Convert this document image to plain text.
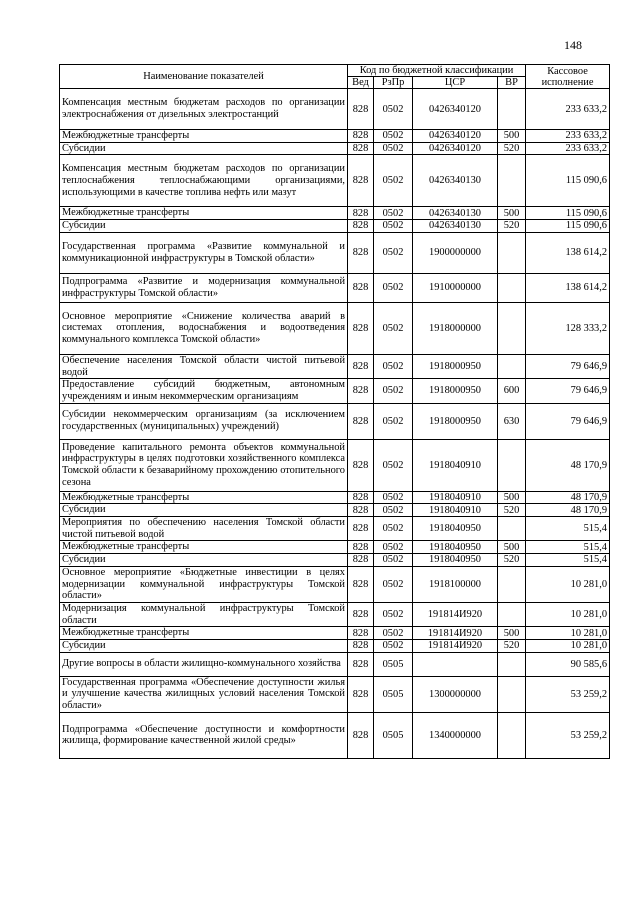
148
Наименование показателей	Код по бюджетной классификации				Кассовое исполнение
	Вед	РзПр	ЦСР	ВР	
Компенсация местным бюджетам расходов по организации электроснабжения от дизельных электростанций	828	0502	0426340120		233 633,2
Межбюджетные трансферты	828	0502	0426340120	500	233 633,2
Субсидии	828	0502	0426340120	520	233 633,2
Компенсация местным бюджетам расходов по организации теплоснабжения теплоснабжающими организациями, использующими в качестве топлива нефть или мазут	828	0502	0426340130		115 090,6
Межбюджетные трансферты	828	0502	0426340130	500	115 090,6
Субсидии	828	0502	0426340130	520	115 090,6
Государственная программа «Развитие коммунальной и коммуникационной инфраструктуры в Томской области»	828	0502	1900000000		138 614,2
Подпрограмма «Развитие и модернизация коммунальной инфраструктуры Томской области»	828	0502	1910000000		138 614,2
Основное мероприятие «Снижение количества аварий в системах отопления, водоснабжения и водоотведения коммунального комплекса Томской области»	828	0502	1918000000		128 333,2
Обеспечение населения Томской области чистой питьевой водой	828	0502	1918000950		79 646,9
Предоставление субсидий бюджетным, автономным учреждениям и иным некоммерческим организациям	828	0502	1918000950	600	79 646,9
Субсидии некоммерческим организациям (за исключением государственных (муниципальных) учреждений)	828	0502	1918000950	630	79 646,9
Проведение капитального ремонта объектов коммунальной инфраструктуры в целях подготовки хозяйственного комплекса Томской области к безаварийному прохождению отопительного сезона	828	0502	1918040910		48 170,9
Межбюджетные трансферты	828	0502	1918040910	500	48 170,9
Субсидии	828	0502	1918040910	520	48 170,9
Мероприятия по обеспечению населения Томской области чистой питьевой водой	828	0502	1918040950		515,4
Межбюджетные трансферты	828	0502	1918040950	500	515,4
Субсидии	828	0502	1918040950	520	515,4
Основное мероприятие «Бюджетные инвестиции в целях модернизации коммунальной инфраструктуры Томской области»	828	0502	1918100000		10 281,0
Модернизация коммунальной инфраструктуры Томской области	828	0502	191814И920		10 281,0
Межбюджетные трансферты	828	0502	191814И920	500	10 281,0
Субсидии	828	0502	191814И920	520	10 281,0
Другие вопросы в области жилищно-коммунального хозяйства	828	0505			90 585,6
Государственная программа «Обеспечение доступности жилья и улучшение качества жилищных условий населения Томской области»	828	0505	1300000000		53 259,2
Подпрограмма «Обеспечение доступности и комфортности жилища, формирование качественной жилой среды»	828	0505	1340000000		53 259,2
